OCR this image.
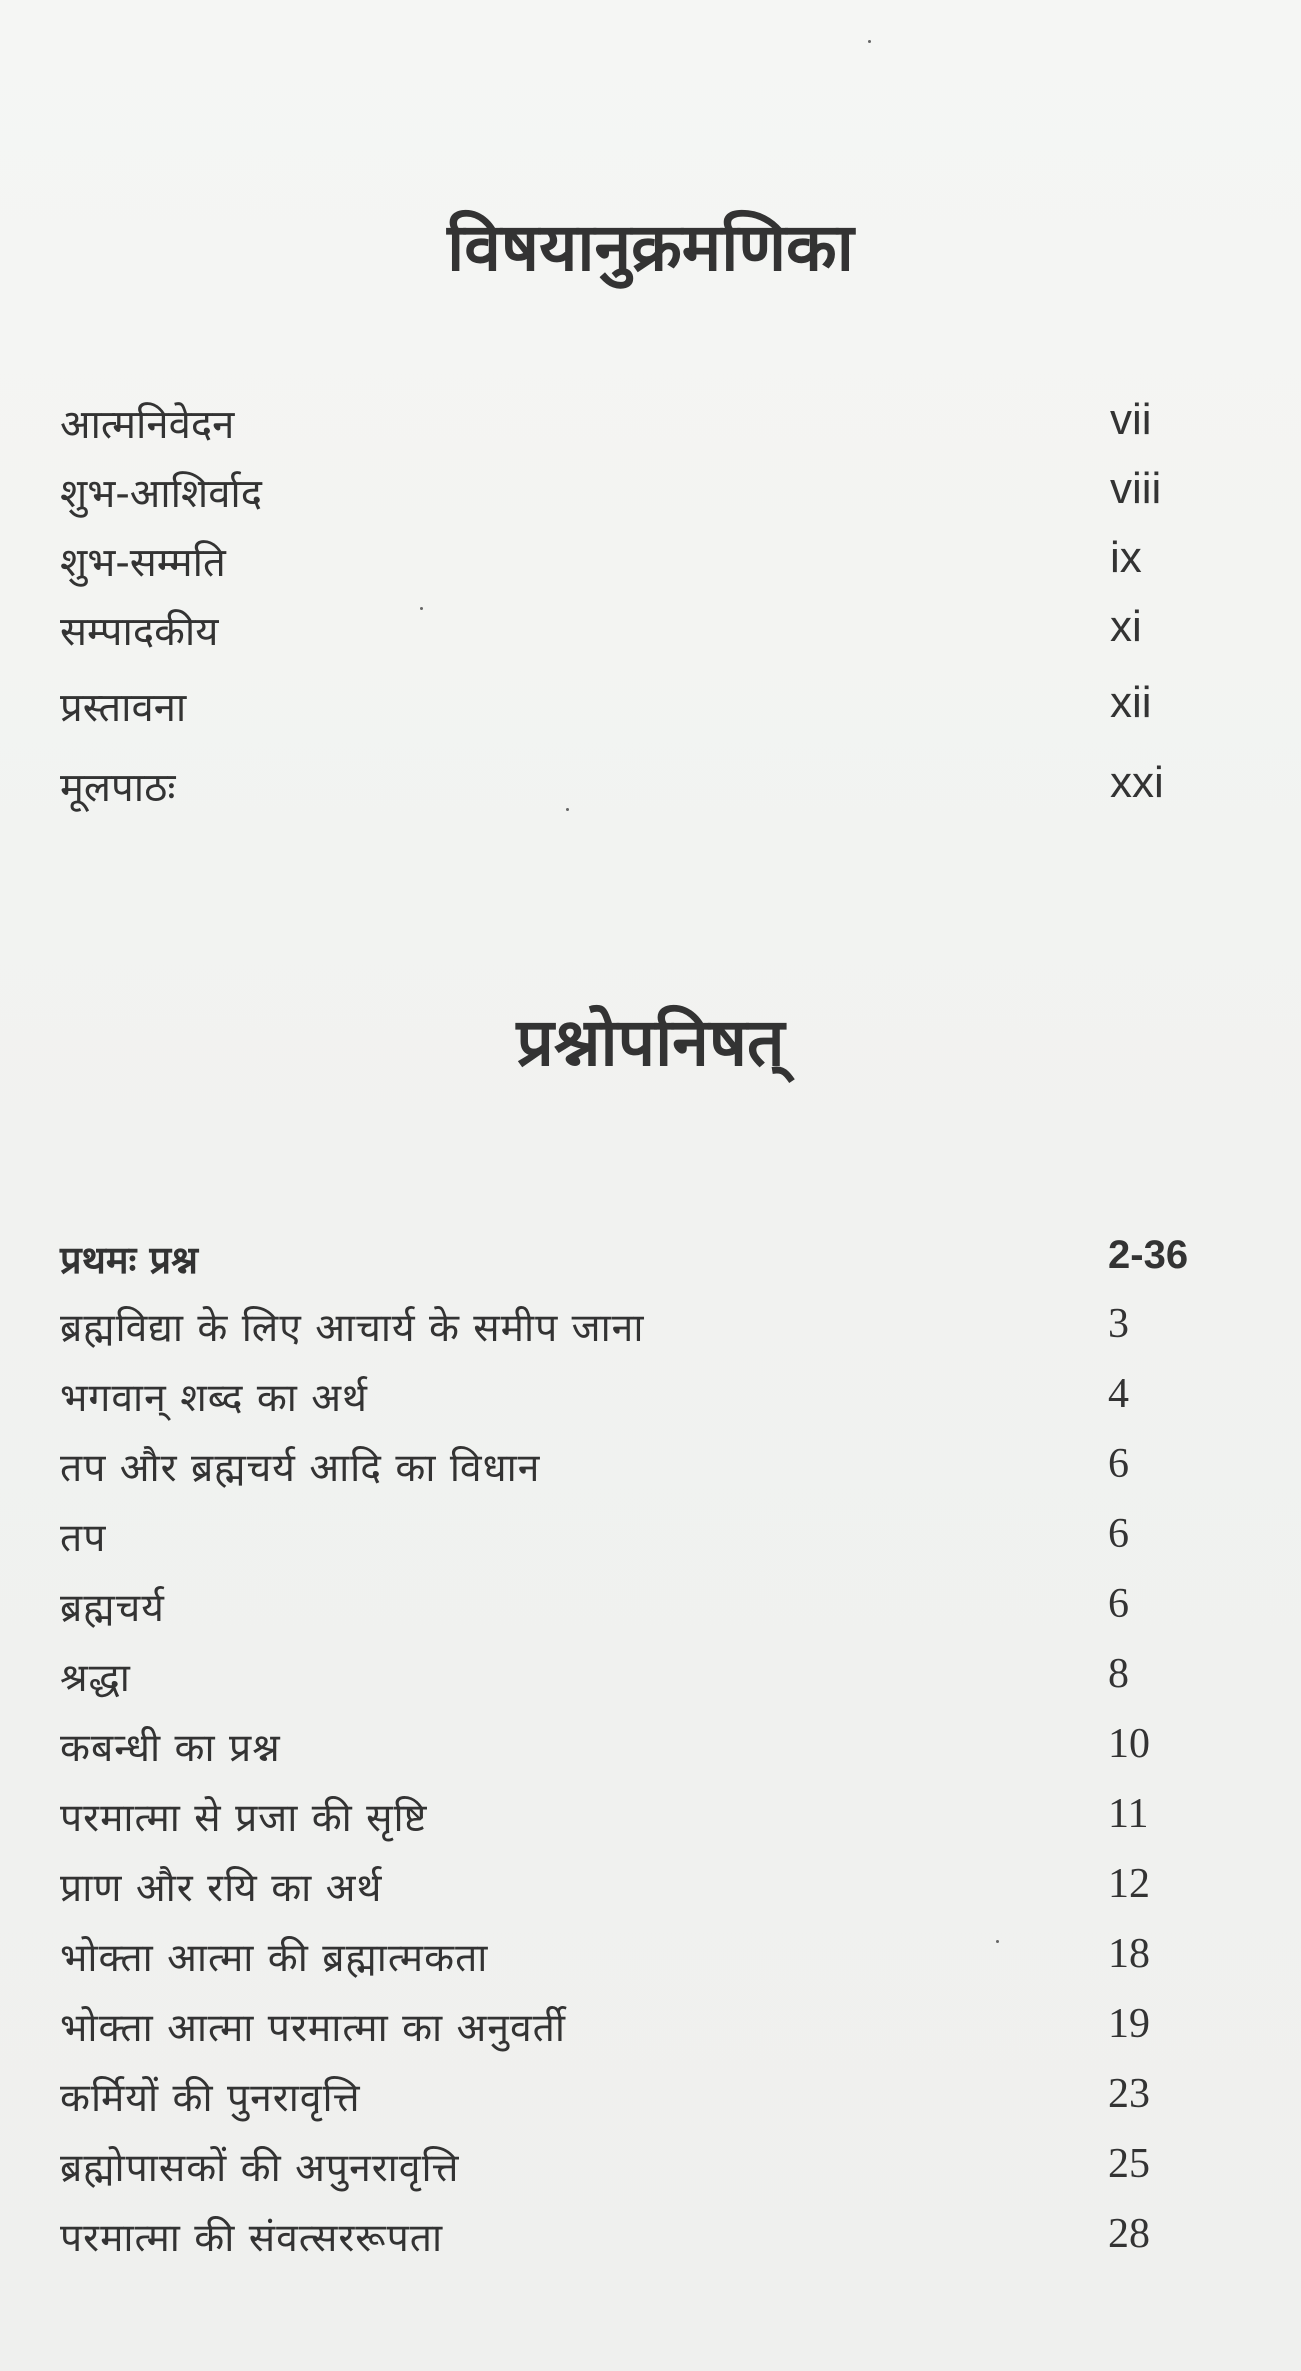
विषयानुक्रमणिका
आत्मनिवेदन	vii
शुभ-आशिर्वाद	viii
शुभ-सम्मति	ix
सम्पादकीय	xi
प्रस्तावना	xii
मूलपाठः	xxi
प्रश्नोपनिषत्
प्रथमः प्रश्न	2-36
ब्रह्मविद्या के लिए आचार्य के समीप जाना	3
भगवान् शब्द का अर्थ	4
तप और ब्रह्मचर्य आदि का विधान	6
तप	6
ब्रह्मचर्य	6
श्रद्धा	8
कबन्धी का प्रश्न	10
परमात्मा से प्रजा की सृष्टि	11
प्राण और रयि का अर्थ	12
भोक्ता आत्मा की ब्रह्मात्मकता	18
भोक्ता आत्मा परमात्मा का अनुवर्ती	19
कर्मियों की पुनरावृत्ति	23
ब्रह्मोपासकों की अपुनरावृत्ति	25
परमात्मा की संवत्सररूपता	28
